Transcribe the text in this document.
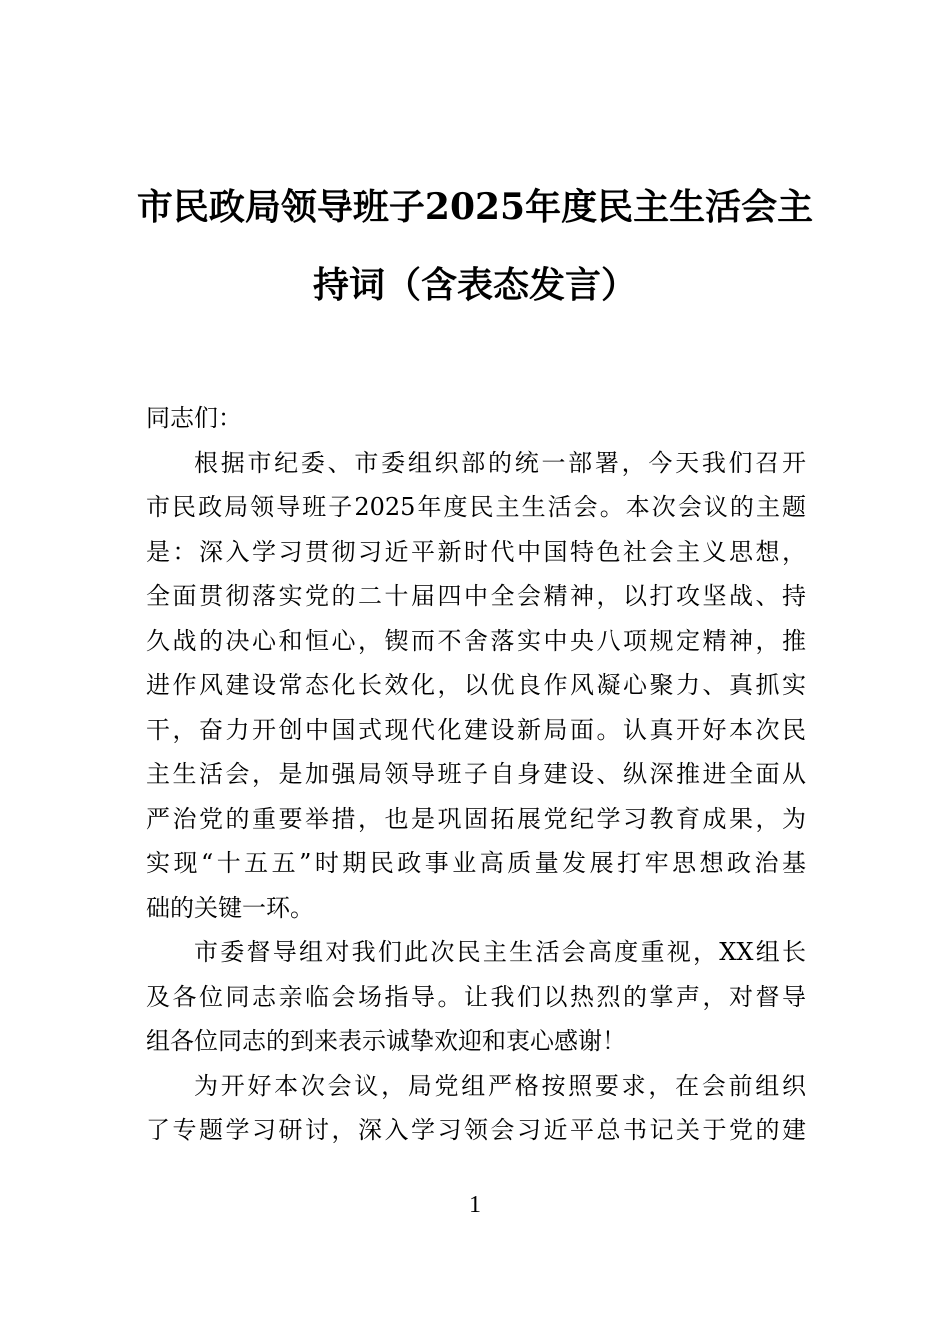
市民政局领导班子2025年度民主生活会主
持词（含表态发言）
同志们：
根据市纪委、市委组织部的统一部署，今天我们召开
市民政局领导班子2025年度民主生活会。本次会议的主题
是：深入学习贯彻习近平新时代中国特色社会主义思想，
全面贯彻落实党的二十届四中全会精神，以打攻坚战、持
久战的决心和恒心，锲而不舍落实中央八项规定精神，推
进作风建设常态化长效化，以优良作风凝心聚力、真抓实
干，奋力开创中国式现代化建设新局面。认真开好本次民
主生活会，是加强局领导班子自身建设、纵深推进全面从
严治党的重要举措，也是巩固拓展党纪学习教育成果，为
实现“十五五”时期民政事业高质量发展打牢思想政治基
础的关键一环。
市委督导组对我们此次民主生活会高度重视，XX组长
及各位同志亲临会场指导。让我们以热烈的掌声，对督导
组各位同志的到来表示诚挚欢迎和衷心感谢！
为开好本次会议，局党组严格按照要求，在会前组织
了专题学习研讨，深入学习领会习近平总书记关于党的建
1
